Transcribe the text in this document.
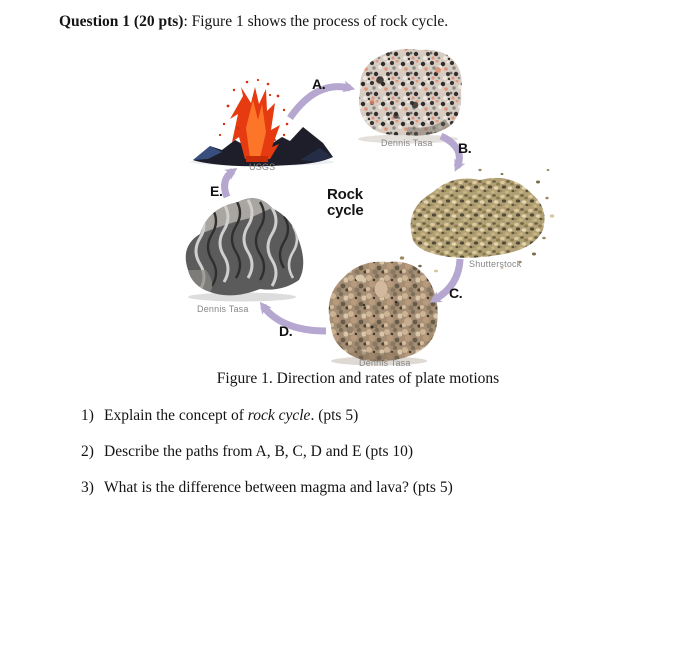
Question 1 (20 pts): Figure 1 shows the process of rock cycle.
A.
B.
C.
D.
E.
USGS
Dennis Tasa
Shutterstock
Dennis Tasa
Dennis Tasa
Rock
cycle
Figure 1. Direction and rates of plate motions
1) Explain the concept of rock cycle. (pts 5)
2) Describe the paths from A, B, C, D and E (pts 10)
3) What is the difference between magma and lava? (pts 5)
